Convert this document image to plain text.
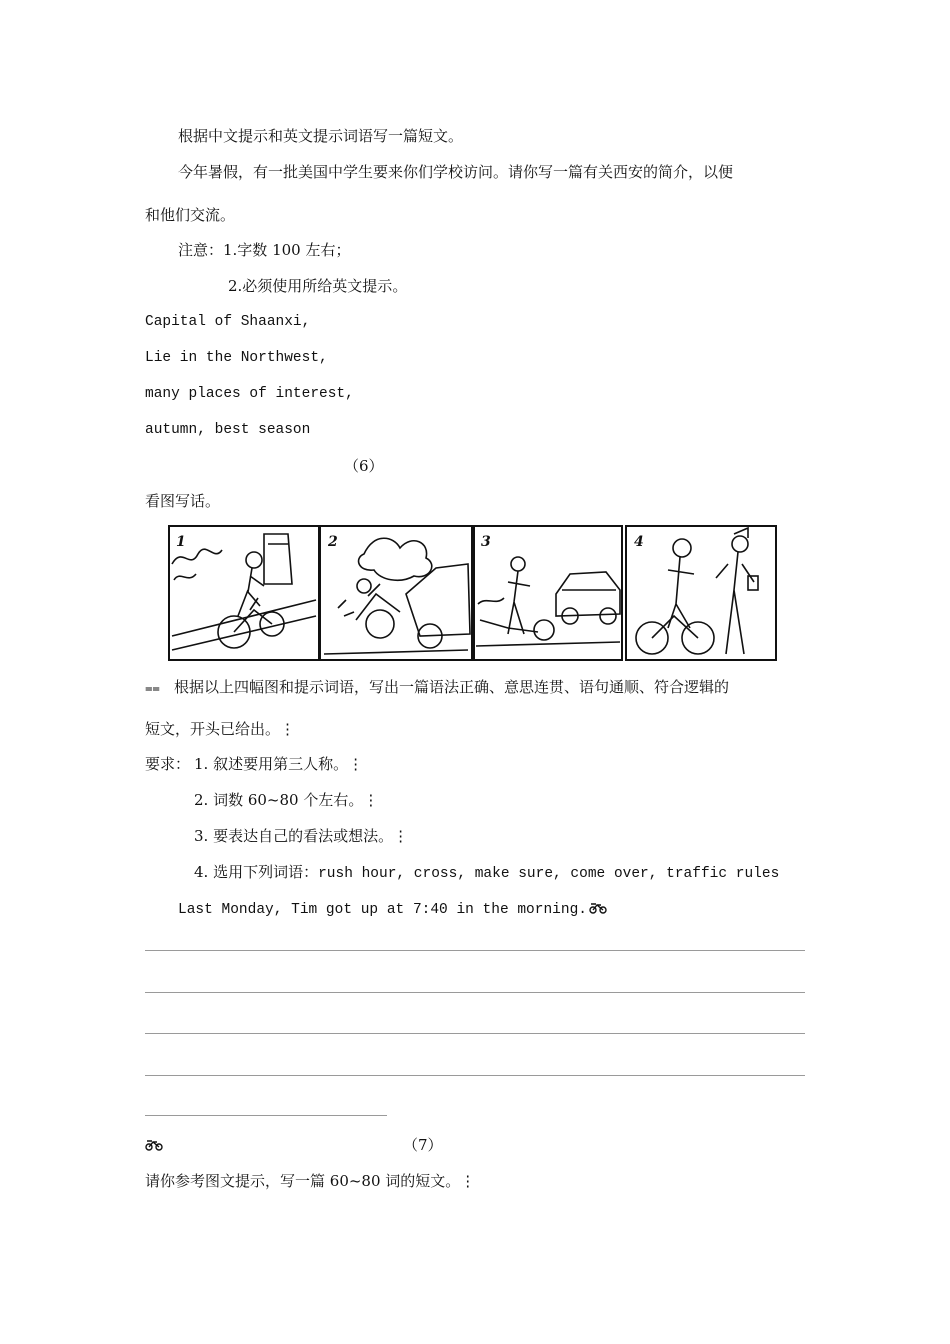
根据中文提示和英文提示词语写一篇短文。
今年暑假，有一批美国中学生要来你们学校访问。请你写一篇有关西安的简介，以便
和他们交流。
注意：1.字数 100 左右；
2.必须使用所给英文提示。
Capital of Shaanxi,
Lie in the Northwest,
many places of interest,
autumn, best season
（6）
看图写话。
1	2	3	4
⩵ 根据以上四幅图和提示词语，写出一篇语法正确、意思连贯、语句通顺、符合逻辑的
短文，开头已给出。⋮
要求： 1. 叙述要用第三人称。⋮
2. 词数 60~80 个左右。⋮
3. 要表达自己的看法或想法。⋮
4. 选用下列词语：rush hour, cross, make sure, come over, traffic rules
Last Monday, Tim got up at 7:40 in the morning.
（7）
请你参考图文提示，写一篇 60~80 词的短文。⋮
